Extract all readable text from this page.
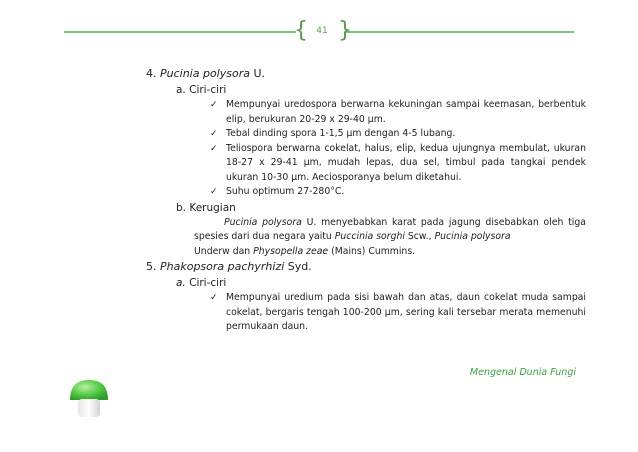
{ 41 }

4. Pucinia polysora U.

a. Ciri-ciri
✓ Mempunyai uredospora berwarna kekuningan sampai keemasan, berbentuk elip, berukuran 20-29 x 29-40 μm.
✓ Tebal dinding spora 1-1,5 μm dengan 4-5 lubang.
✓ Teliospora berwarna cokelat, halus, elip, kedua ujungnya membulat, ukuran 18-27 x 29-41 μm, mudah lepas, dua sel, timbul pada tangkai pendek ukuran 10-30 μm. Aeciosporanya belum diketahui.
✓ Suhu optimum 27-280°C.
b. Kerugian
Pucinia polysora U. menyebabkan karat pada jagung disebabkan oleh tiga spesies dari dua negara yaitu Puccinia sorghi Scw., Pucinia polysora
Underw dan Physopella zeae (Mains) Cummins.

5. Phakopsora pachyrhizi Syd.

a. Ciri-ciri
✓ Mempunyai uredium pada sisi bawah dan atas, daun cokelat muda sampai cokelat, bergaris tengah 100-200 μm, sering kali tersebar merata memenuhi permukaan daun.
Mengenal Dunia Fungi
